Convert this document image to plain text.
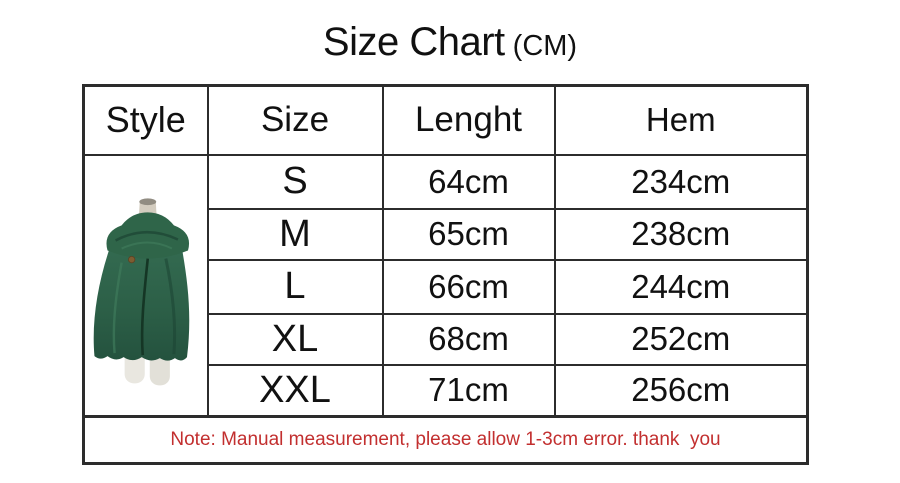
Size Chart (CM)
Style	Size	Lenght	Hem

	S	64cm	234cm
	M	65cm	238cm
	L	66cm	244cm
	XL	68cm	252cm
	XXL	71cm	256cm
Note: Manual measurement, please allow 1-3cm error. thank  you			
